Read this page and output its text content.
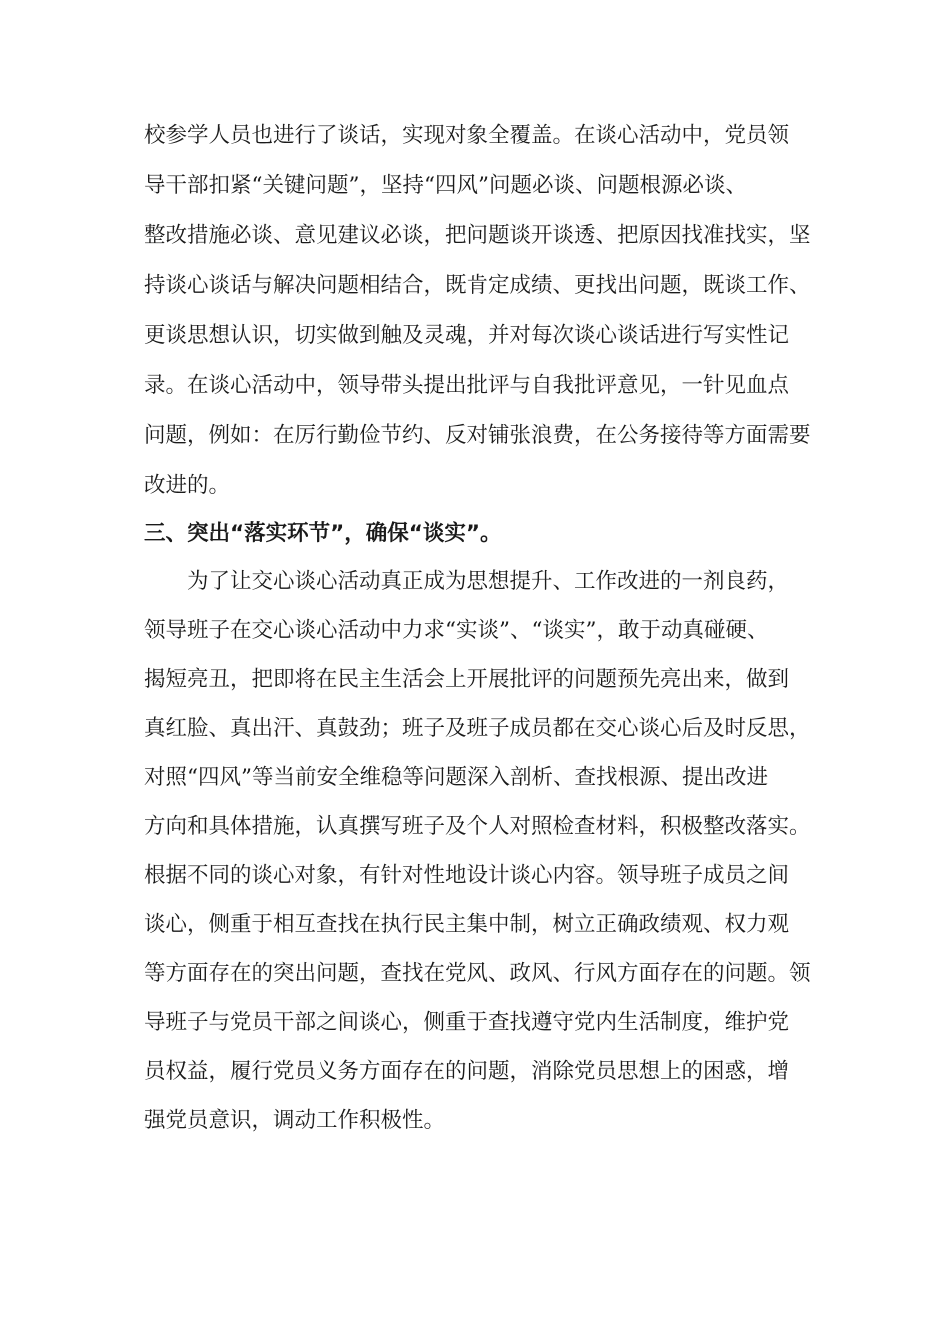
校参学人员也进行了谈话，实现对象全覆盖。在谈心活动中，党员领
导干部扣紧“关键问题”，坚持“四风”问题必谈、问题根源必谈、
整改措施必谈、意见建议必谈，把问题谈开谈透、把原因找准找实，坚
持谈心谈话与解决问题相结合，既肯定成绩、更找出问题，既谈工作、
更谈思想认识，切实做到触及灵魂，并对每次谈心谈话进行写实性记
录。在谈心活动中，领导带头提出批评与自我批评意见，一针见血点
问题，例如：在厉行勤俭节约、反对铺张浪费，在公务接待等方面需要
改进的。
三、突出“落实环节”，确保“谈实”。
　　为了让交心谈心活动真正成为思想提升、工作改进的一剂良药，
领导班子在交心谈心活动中力求“实谈”、“谈实”，敢于动真碰硬、
揭短亮丑，把即将在民主生活会上开展批评的问题预先亮出来，做到
真红脸、真出汗、真鼓劲；班子及班子成员都在交心谈心后及时反思，
对照“四风”等当前安全维稳等问题深入剖析、查找根源、提出改进
方向和具体措施，认真撰写班子及个人对照检查材料，积极整改落实。
根据不同的谈心对象，有针对性地设计谈心内容。领导班子成员之间
谈心，侧重于相互查找在执行民主集中制，树立正确政绩观、权力观
等方面存在的突出问题，查找在党风、政风、行风方面存在的问题。领
导班子与党员干部之间谈心，侧重于查找遵守党内生活制度，维护党
员权益，履行党员义务方面存在的问题，消除党员思想上的困惑，增
强党员意识，调动工作积极性。
